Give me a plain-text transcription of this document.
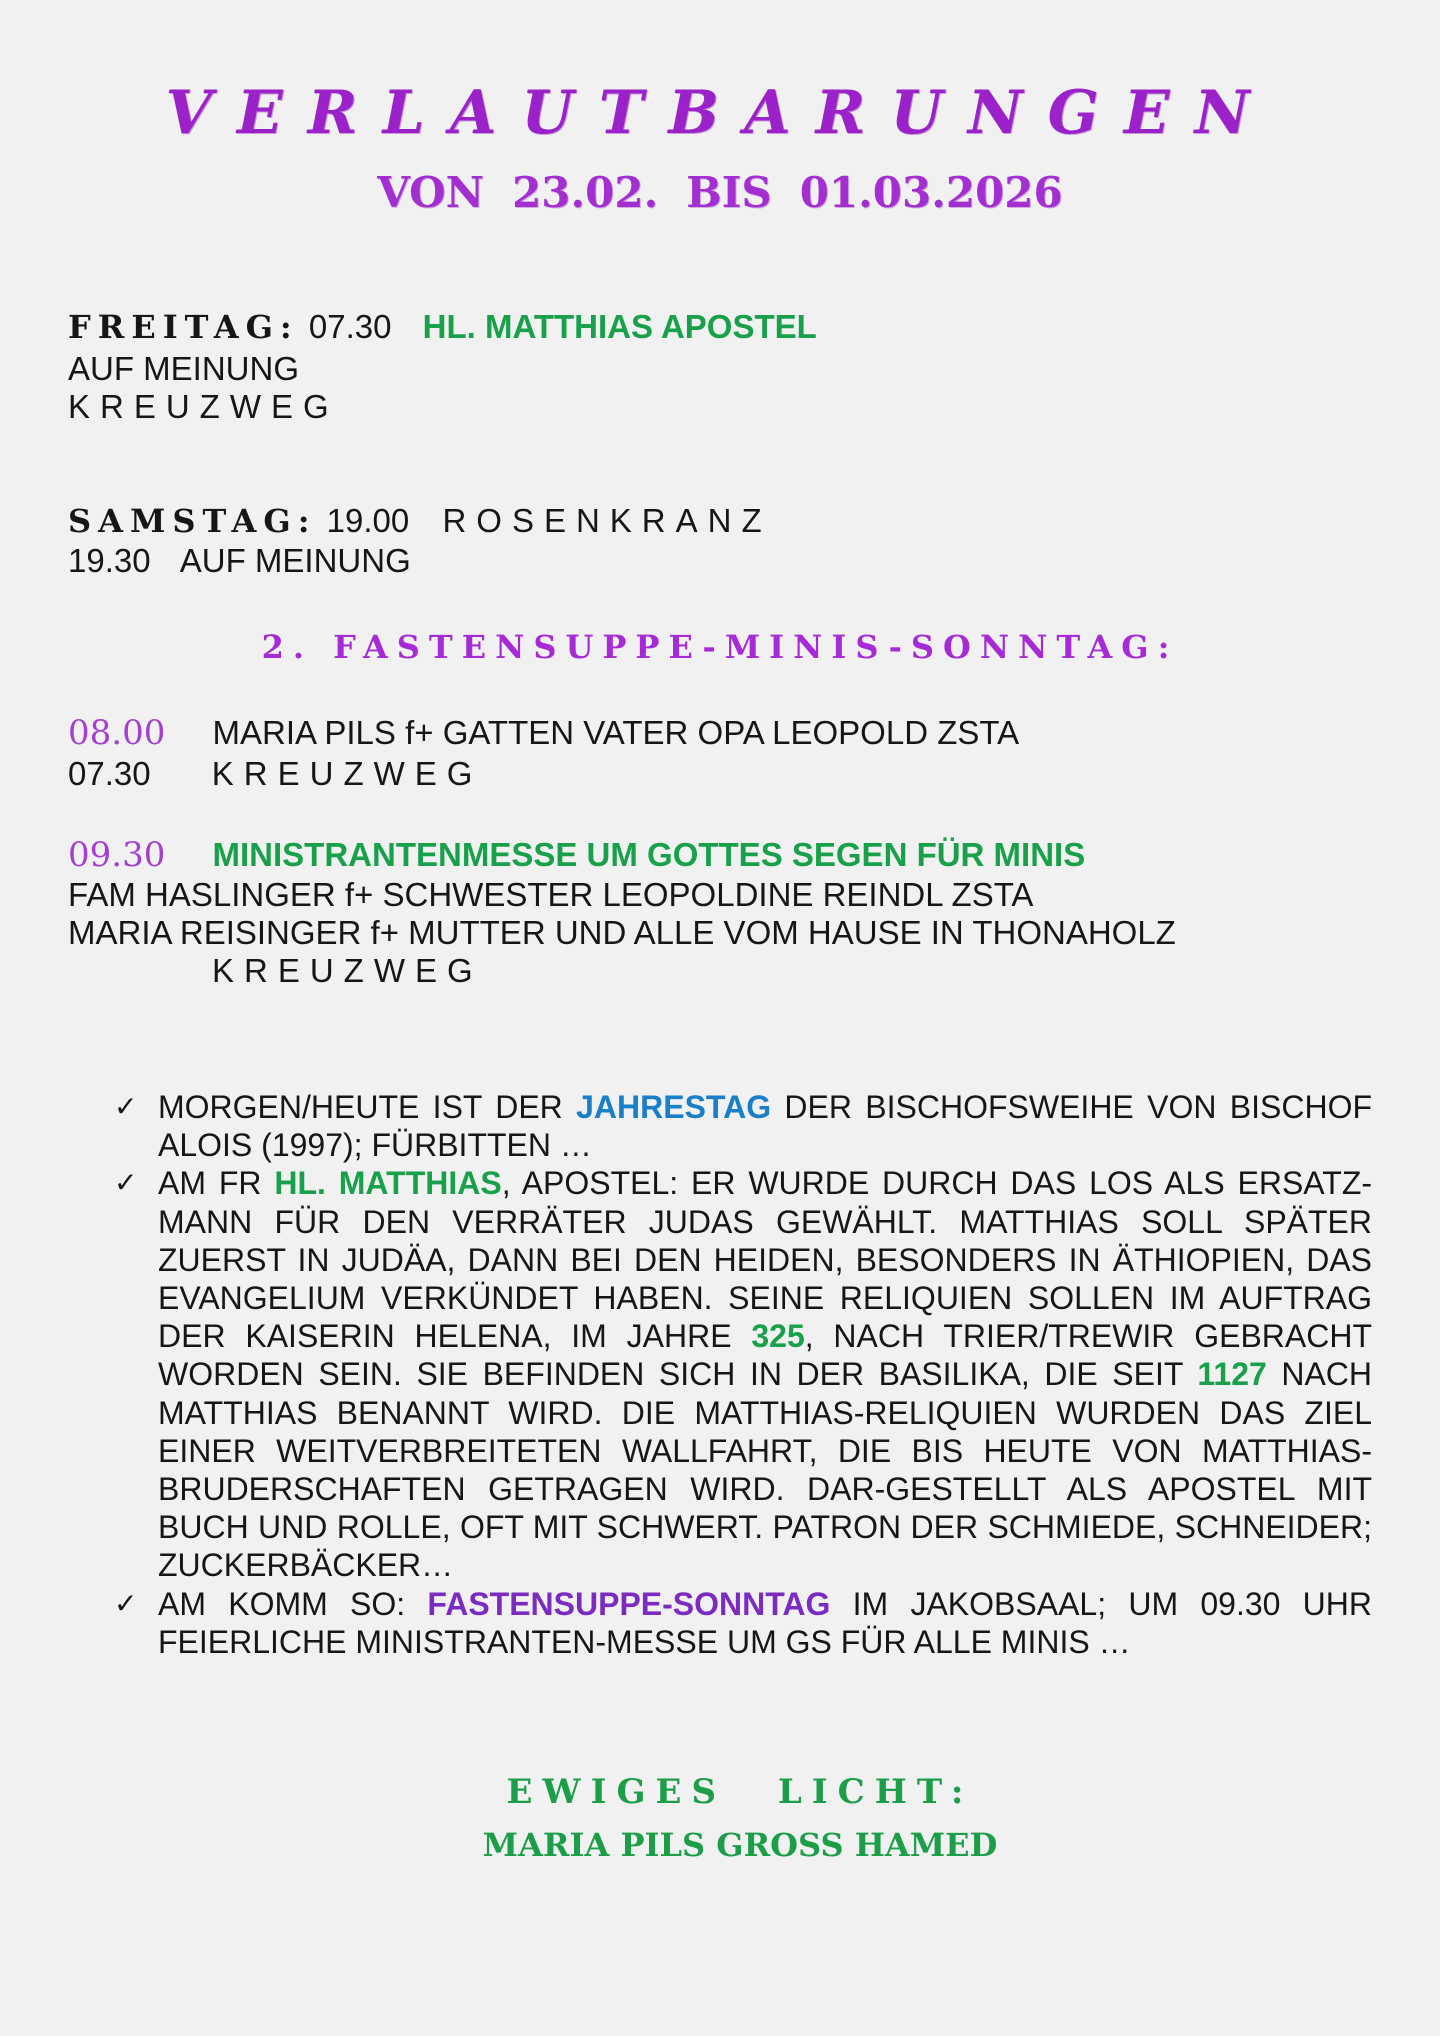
VERLAUTBARUNGEN
VON 23.02. BIS 01.03.2026
FREITAG: 07.30 HL. MATTHIAS APOSTEL
AUF MEINUNG
KREUZWEG
SAMSTAG: 19.00 ROSENKRANZ
19.30 AUF MEINUNG
2. FASTENSUPPE-MINIS-SONNTAG:
08.00 MARIA PILS f+ GATTEN VATER OPA LEOPOLD ZSTA
07.30 KREUZWEG
09.30 MINISTRANTENMESSE UM GOTTES SEGEN FÜR MINIS
FAM HASLINGER f+ SCHWESTER LEOPOLDINE REINDL ZSTA
MARIA REISINGER f+ MUTTER UND ALLE VOM HAUSE IN THONAHOLZ
KREUZWEG
✓ MORGEN/HEUTE IST DER JAHRESTAG DER BISCHOFSWEIHE VON BISCHOF ALOIS (1997); FÜRBITTEN …
✓ AM FR HL. MATTHIAS, APOSTEL: ER WURDE DURCH DAS LOS ALS ERSATZ-MANN FÜR DEN VERRÄTER JUDAS GEWÄHLT. MATTHIAS SOLL SPÄTER ZUERST IN JUDÄA, DANN BEI DEN HEIDEN, BESONDERS IN ÄTHIOPIEN, DAS EVANGELIUM VERKÜNDET HABEN. SEINE RELIQUIEN SOLLEN IM AUFTRAG DER KAISERIN HELENA, IM JAHRE 325, NACH TRIER/TREWIR GEBRACHT WORDEN SEIN. SIE BEFINDEN SICH IN DER BASILIKA, DIE SEIT 1127 NACH MATTHIAS BENANNT WIRD. DIE MATTHIAS-RELIQUIEN WURDEN DAS ZIEL EINER WEITVERBREITETEN WALLFAHRT, DIE BIS HEUTE VON MATTHIAS-BRUDERSCHAFTEN GETRAGEN WIRD. DAR-GESTELLT ALS APOSTEL MIT BUCH UND ROLLE, OFT MIT SCHWERT. PATRON DER SCHMIEDE, SCHNEIDER; ZUCKERBÄCKER…
✓ AM KOMM SO: FASTENSUPPE-SONNTAG IM JAKOBSAAL; UM 09.30 UHR FEIERLICHE MINISTRANTEN-MESSE UM GS FÜR ALLE MINIS …
EWIGES LICHT:
MARIA PILS GROSS HAMED
